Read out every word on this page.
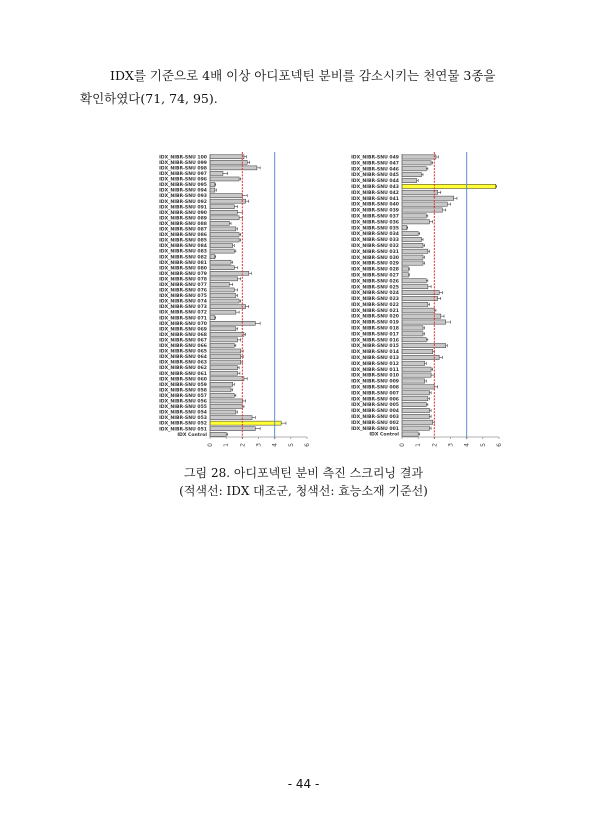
IDX를 기준으로 4배 이상 아디포넥틴 분비를 감소시키는 천연물 3종을
확인하였다(71, 74, 95).

IDX_NIBR-SNU 100
IDX_NIBR-SNU 099
IDX_NIBR-SNU 098
IDX_NIBR-SNU 097
IDX_NIBR-SNU 096
IDX_NIBR-SNU 095
IDX_NIBR-SNU 094
IDX_NIBR-SNU 093
IDX_NIBR-SNU 092
IDX_NIBR-SNU 091
IDX_NIBR-SNU 090
IDX_NIBR-SNU 089
IDX_NIBR-SNU 088
IDX_NIBR-SNU 087
IDX_NIBR-SNU 086
IDX_NIBR-SNU 085
IDX_NIBR-SNU 084
IDX_NIBR-SNU 083
IDX_NIBR-SNU 082
IDX_NIBR-SNU 081
IDX_NIBR-SNU 080
IDX_NIBR-SNU 079
IDX_NIBR-SNU 078
IDX_NIBR-SNU 077
IDX_NIBR-SNU 076
IDX_NIBR-SNU 075
IDX_NIBR-SNU 074
IDX_NIBR-SNU 073
IDX_NIBR-SNU 072
IDX_NIBR-SNU 071
IDX_NIBR-SNU 070
IDX_NIBR-SNU 069
IDX_NIBR-SNU 068
IDX_NIBR-SNU 067
IDX_NIBR-SNU 066
IDX_NIBR-SNU 065
IDX_NIBR-SNU 064
IDX_NIBR-SNU 063
IDX_NIBR-SNU 062
IDX_NIBR-SNU 061
IDX_NIBR-SNU 060
IDX_NIBR-SNU 059
IDX_NIBR-SNU 058
IDX_NIBR-SNU 057
IDX_NIBR-SNU 056
IDX_NIBR-SNU 055
IDX_NIBR-SNU 054
IDX_NIBR-SNU 053
IDX_NIBR-SNU 052
IDX_NIBR-SNU 051
IDX Control
0 1 2 3 4 5 6
IDX_NIBR-SNU 049
IDX_NIBR-SNU 047
IDX_NIBR-SNU 046
IDX_NIBR-SNU 045
IDX_NIBR-SNU 044
IDX_NIBR-SNU 043
IDX_NIBR-SNU 042
IDX_NIBR-SNU 041
IDX_NIBR-SNU 040
IDX_NIBR-SNU 039
IDX_NIBR-SNU 037
IDX_NIBR-SNU 036
IDX_NIBR-SNU 035
IDX_NIBR-SNU 034
IDX_NIBR-SNU 033
IDX_NIBR-SNU 032
IDX_NIBR-SNU 031
IDX_NIBR-SNU 030
IDX_NIBR-SNU 029
IDX_NIBR-SNU 028
IDX_NIBR-SNU 027
IDX_NIBR-SNU 026
IDX_NIBR-SNU 025
IDX_NIBR-SNU 024
IDX_NIBR-SNU 023
IDX_NIBR-SNU 022
IDX_NIBR-SNU 021
IDX_NIBR-SNU 020
IDX_NIBR-SNU 019
IDX_NIBR-SNU 018
IDX_NIBR-SNU 017
IDX_NIBR-SNU 016
IDX_NIBR-SNU 015
IDX_NIBR-SNU 014
IDX_NIBR-SNU 013
IDX_NIBR-SNU 012
IDX_NIBR-SNU 011
IDX_NIBR-SNU 010
IDX_NIBR-SNU 009
IDX_NIBR-SNU 008
IDX_NIBR-SNU 007
IDX_NIBR-SNU 006
IDX_NIBR-SNU 005
IDX_NIBR-SNU 004
IDX_NIBR-SNU 003
IDX_NIBR-SNU 002
IDX_NIBR-SNU 001
IDX Control
0 1 2 3 4 5 6

그림 28. 아디포넥틴 분비 측진 스크리닝 결과

(적색선: IDX 대조군, 청색선: 효능소재 기준선)

- 44 -
